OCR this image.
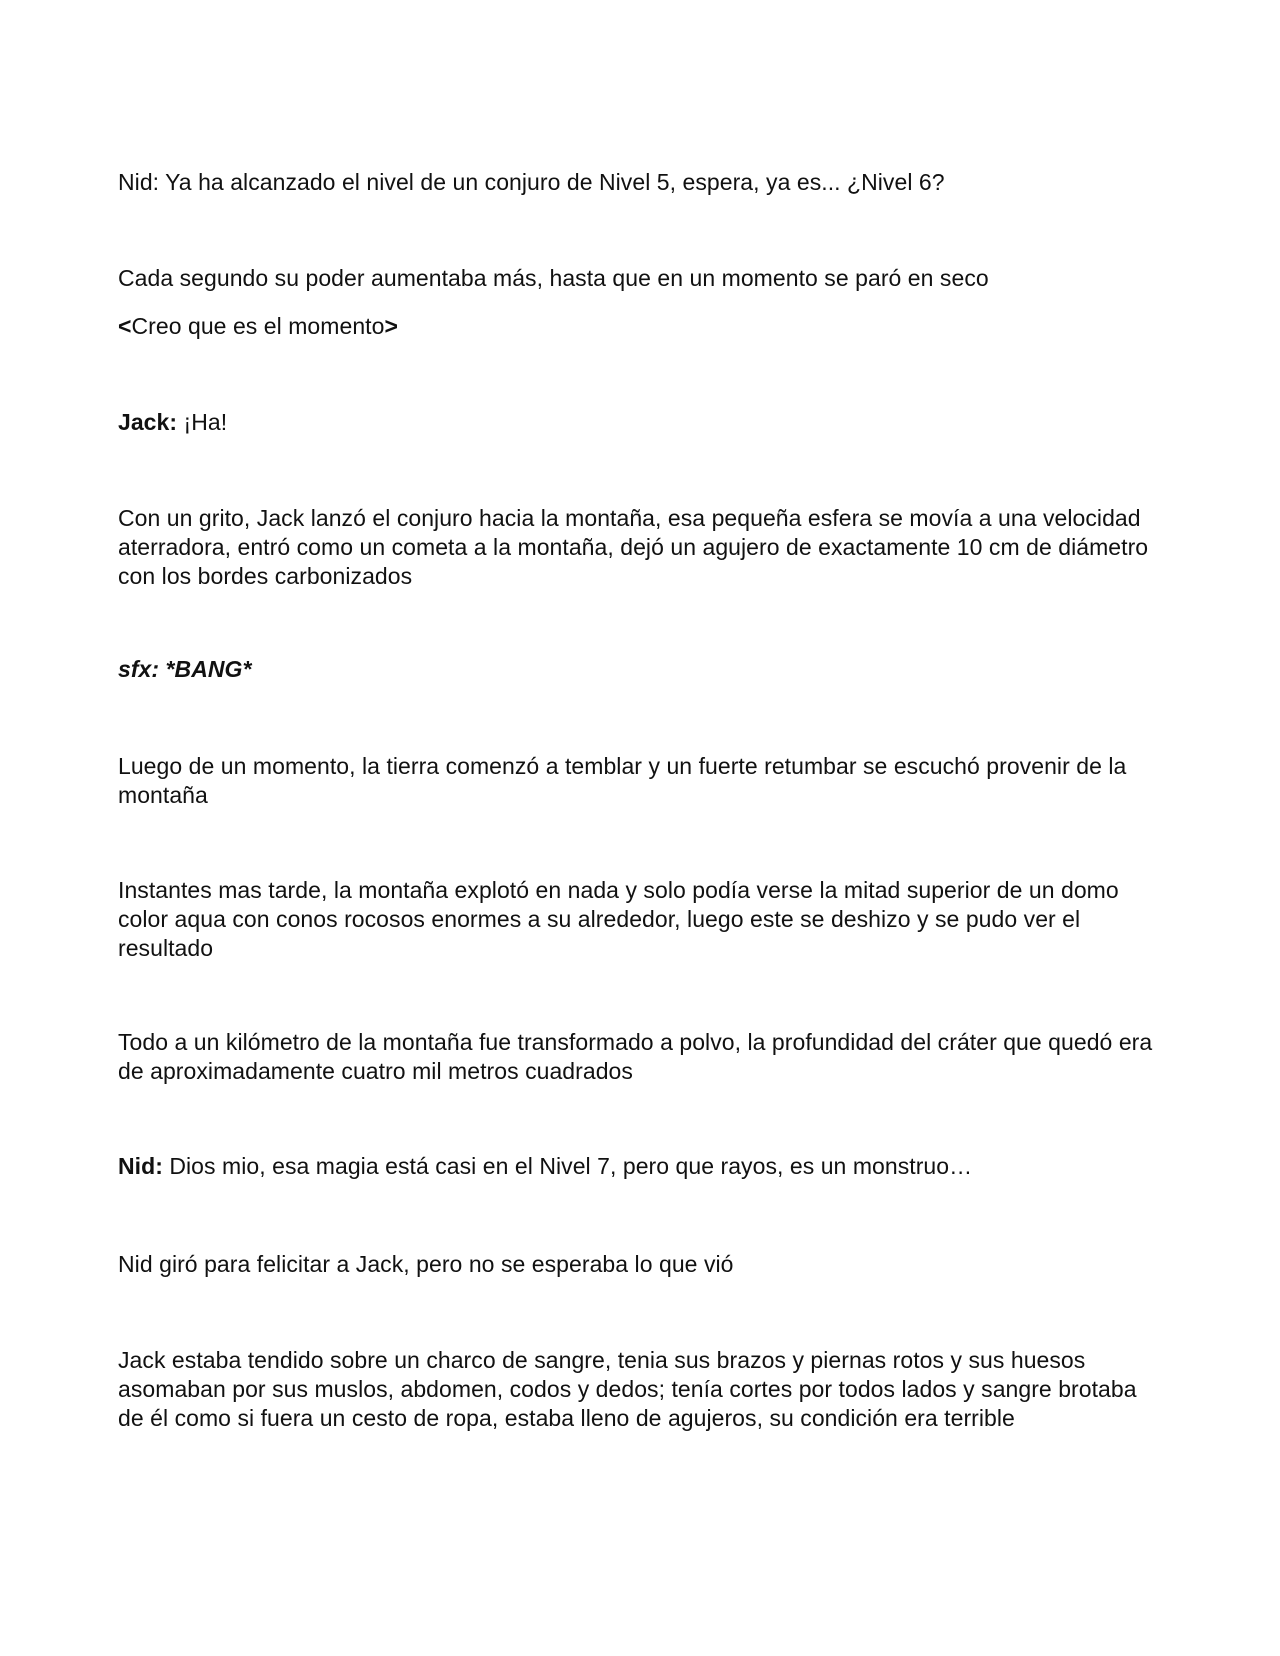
Nid: Ya ha alcanzado el nivel de un conjuro de Nivel 5, espera, ya es... ¿Nivel 6?

Cada segundo su poder aumentaba más, hasta que en un momento se paró en seco

<Creo que es el momento>

Jack: ¡Ha!

Con un grito, Jack lanzó el conjuro hacia la montaña, esa pequeña esfera se movía a una velocidad aterradora, entró como un cometa a la montaña, dejó un agujero de exactamente 10 cm de diámetro con los bordes carbonizados

sfx: *BANG*

Luego de un momento, la tierra comenzó a temblar y un fuerte retumbar se escuchó provenir de la montaña

Instantes mas tarde, la montaña explotó en nada y solo podía verse la mitad superior de un domo color aqua con conos rocosos enormes a su alrededor, luego este se deshizo y se pudo ver el resultado

Todo a un kilómetro de la montaña fue transformado a polvo, la profundidad del cráter que quedó era de aproximadamente cuatro mil metros cuadrados

Nid: Dios mio, esa magia está casi en el Nivel 7, pero que rayos, es un monstruo…

Nid giró para felicitar a Jack, pero no se esperaba lo que vió

Jack estaba tendido sobre un charco de sangre, tenia sus brazos y piernas rotos y sus huesos asomaban por sus muslos, abdomen, codos y dedos; tenía cortes por todos lados y sangre brotaba de él como si fuera un cesto de ropa, estaba lleno de agujeros, su condición era terrible
